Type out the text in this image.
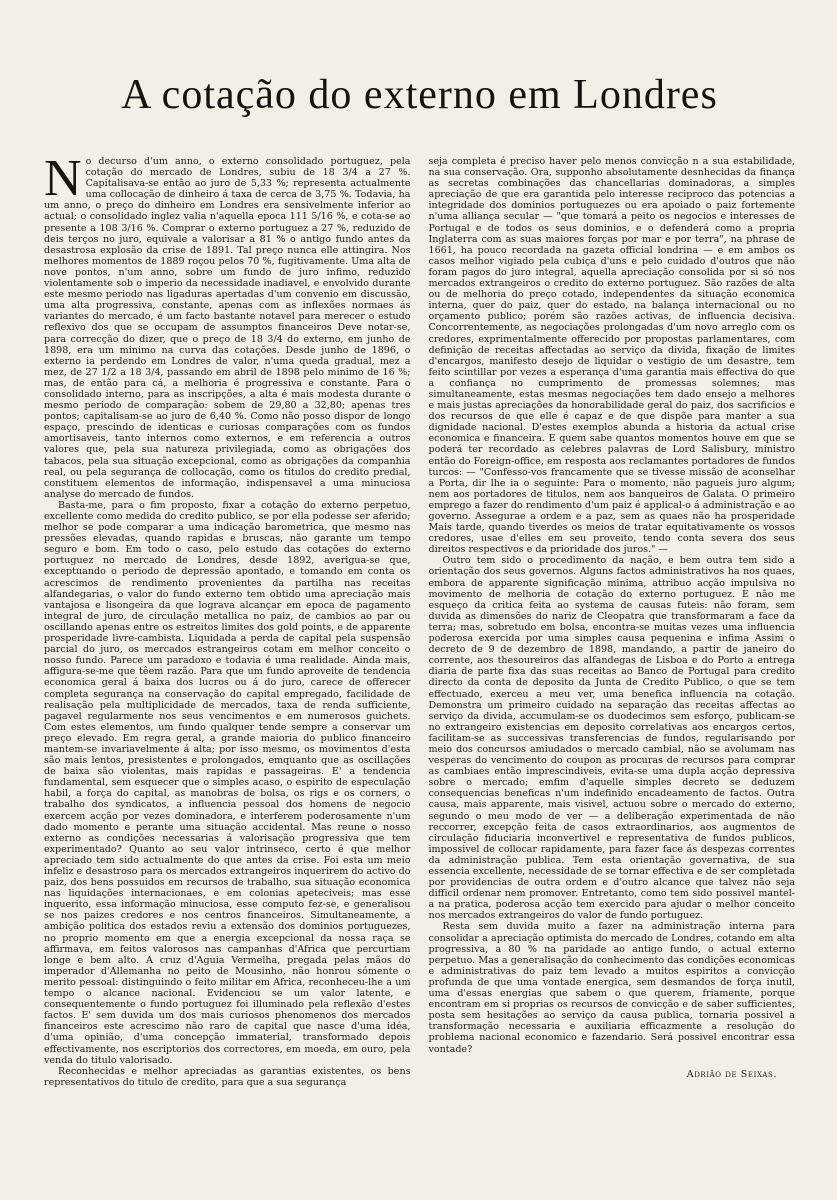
A cotação do externo em Londres

No decurso d'um anno, o externo consolidado portuguez, pela cotação do mercado de Londres, subiu de 18 3/4 a 27 %. Capitalisava-se então ao juro de 5,33 %; representa actualmente uma collocação de dinheiro á taxa de cerca de 3,75 %. Todavia, ha um anno, o preço do dinheiro em Londres era sensivelmente inferior ao actual; o consolidado inglez valia n'aquella epoca 111 5/16 %, e cota-se ao presente a 108 3/16 %. Comprar o externo portuguez a 27 %, reduzido de deis terços no juro, equivale a valorisar a 81 % o antigo fundo antes da desastrosa explosão da crise de 1891. Tal preço nunca elle attingira. Nos melhores momentos de 1889 roçou pelos 70 %, fugitivamente. Uma alta de nove pontos, n'um anno, sobre um fundo de juro infimo, reduzido violentamente sob o imperio da necessidade inadiavel, e envolvido durante este mesmo periodo nas ligaduras apertadas d'um convenio em discussão, uma alta progressiva, constante, apenas com as inflexões normaes ás variantes do mercado, é um facto bastante notavel para merecer o estudo reflexivo dos que se occupam de assumptos financeiros Deve notar-se, para correcção do dizer, que o preço de 18 3/4 do externo, em junho de 1898, era um minimo na curva das cotações. Desde junho de 1896, o externo ia perdendo em Londres de valor, n'uma queda gradual, mez a mez, de 27 1/2 a 18 3/4, passando em abril de 1898 pelo minimo de 16 %; mas, de então para cá, a melhoria é progressiva e constante. Para o consolidado interno, para as inscripções, a alta é mais modesta durante o mesmo periodo de comparação: sobem de 29,80 a 32,80; apenas tres pontos; capitalisam-se ao juro de 6,40 %. Como não posso dispor de longo espaço, prescindo de identicas e curiosas comparações com os fundos amortisaveis, tanto internos como externos, e em referencia a outros valores que, pela sua natureza privilegiada, como as obrigações dos tabacos, pela sua situação excepcional, como as obrigações da companhia real, ou pela segurança de collocação, como os titulos do credito predial, constituem elementos de informação, indispensavel a uma minuciosa analyse do mercado de fundos.

Basta-me, para o fim proposto, fixar a cotação do externo perpetuo, excellente como medida do credito publico, se por ella podesse ser aferido; melhor se pode comparar a uma indicação barometrica, que mesmo nas pressões elevadas, quando rapidas e bruscas, não garante um tempo seguro e bom. Em todo o caso, pelo estudo das cotações do externo portuguez no mercado de Londres, desde 1892, averigua-se que, exceptuando o periodo de depressão apontado, e tomando em conta os acrescimos de rendimento provenientes da partilha nas receitas alfandegarias, o valor do fundo externo tem obtido uma apreciação mais vantajosa e lisongeira da que lograva alcançar em epoca de pagamento integral de juro, de circulação metallica no paiz, de cambios ao par ou oscillando apenas entre os estreitos limites dos gold points, e de apparente prosperidade livre-cambista. Liquidada a perda de capital pela suspensão parcial do juro, os mercados estrangeiros cotam em melhor conceito o nosso fundo. Parece um paradoxo e todavia é uma realidade. Ainda mais, affigura-se-me que têem razão. Para que um fundo aproveite de tendencia economica geral á baixa dos lucros ou á do juro, carece de offerecer completa segurança na conservação do capital empregado, facilidade de realisação pela multiplicidade de mercados, taxa de renda sufficiente, pagavel regularmente nos seus vencimentos e em numerosos guichets. Com estes elementos, um fundo qualquer tende sempre a conservar um preço elevado. Em regra geral, a grande maioria do publico financeiro mantem-se invariavelmente á alta; por isso mesmo, os movimentos d'esta são mais lentos, presistentes e prolongados, emquanto que as oscillações de baixa são violentas, mais rapidas e passageiras. E' a tendencia fundamental, sem esquecer que o simples acaso, o espirito de especulação habil, a força do capital, as manobras de bolsa, os rigs e os corners, o trabalho dos syndicatos, a influencia pessoal dos homens de negocio exercem acção por vezes dominadora, e interferem poderosamente n'um dado momento e perante uma situação accidental. Mas reune o nosso externo as condições necessarias á valorisação progressiva que tem experimentado? Quanto ao seu valor intrinseco, certo é que melhor apreciado tem sido actualmente do que antes da crise. Foi esta um meio infeliz e desastroso para os mercados extrangeiros inquerirem do activo do paiz, dos bens possuidos em recursos de trabalho, sua situação economica nas liquidações internacionaes, e em colonias apeteciveis; mas esse inquerito, essa informação minuciosa, esse computo fez-se, e generalisou se nos paizes credores e nos centros financeiros. Simultaneamente, a ambição politica dos estados reviu a extensão dos dominios portuguezes, no proprio momento em que a energia excepcional da nossa raça se affirmava, em feitos valorosos nas campanhas d'Africa que percurtiam longe e bem alto. A cruz d'Aguia Vermelha, pregada pelas mãos do imperador d'Allemanha no peito de Mousinho, não honrou sómente o merito pessoal: distinguindo o feito militar em Africa, reconheceu-lhe a um tempo o alcance nacional. Evidenciou se um valor latente, e consequentemente o fundo portuguez foi illuminado pela reflexão d'estes factos. E' sem duvida um dos mais curiosos phenomenos dos mercados financeiros este acrescimo não raro de capital que nasce d'uma idéa, d'uma opinião, d'uma concepção immaterial, transformado depois effectivamente, nos escriptorios dos correctores, em moeda, em ouro, pela venda do titulo valorisado.

Reconhecidas e melhor apreciadas as garantias existentes, os bens representativos do titulo de credito, para que a sua segurança

seja completa é preciso haver pelo menos convicção n a sua estabilidade, na sua conservação. Ora, supponho absolutamente desnhecidas da finança as secretas combinações das chancellarias dominadoras, a simples apreciação de que era garantida pelo interesse reciproco das potencias a integridade dos dominios portuguezes ou era apoiado o paiz fortemente n'uma alliança secular — "que tomará a peito os negocios e interesses de Portugal e de todos os seus dominios, e o defenderá como a propria Inglaterra com as suas maiores forças por mar e por terra", na phrase de 1661, ha pouco recordada na gazeta official londrina — e em ambos os casos melhor vigiado pela cubiça d'uns e pelo cuidado d'outros que não foram pagos do juro integral, aquella apreciação consolida por si só nos mercados extrangeiros o credito do externo portuguez. São razões de alta ou de melhoria do preço cotado, independentes da situação economica interna, quer do paiz, quer do estado, na balança internacional ou no orçamento publico; porém são razões activas, de influencia decisiva. Concorrentemente, as negociações prolongadas d'um novo arreglo com os credores, exprimentalmente offerecido por propostas parlamentares, com definição de receitas affectadas ao serviço da divida, fixação de limites d'encargos, manifesto desejo de liquidar o vestigio de um desastre, tem feito scintillar por vezes a esperança d'uma garantia mais effectiva do que a confiança no cumprimento de promessas solemnes; mas simultaneamente, estas mesmas negociações tem dado ensejo a melhores e mais justas apreciações da honorabilidade geral do paiz, dos sacrificios e dos recursos de que elle é capaz e de que dispõe para manter a sua dignidade nacional. D'estes exemplos abunda a historia da actual crise economica e financeira. E quem sabe quantos momentos houve em que se poderá ter recordado as celebres palavras de Lord Salisbury, ministro então do Foreign-office, em resposta aos reclamantes portadores de fundos turcos: — "Confesso-vos francamente que se tivesse missão de aconselhar a Porta, dir lhe ia o seguinte: Para o momento, não pagueis juro algum; nem aos portadores de titulos, nem aos banqueiros de Galata. O primeiro emprego a fazer do rendimento d'um paiz é applical-o á administração e ao governo. Assegurae a ordem e a paz, sem as quaes não ha prosperidade Mais tarde, quando tiverdes os meios de tratar equitativamente os vossos credores, usae d'elles em seu proveito, tendo conta severa dos seus direitos respectivos e da prioridade dos juros." —

Outro tem sido o procedimento da nação, e bem outra tem sido a orientação dos seus governos. Alguns factos administrativos ha nos quaes, embora de apparente significação minima, attribuo acção impulsiva no movimento de melhoria de cotação do externo portuguez. E não me esqueço da critica feita ao systema de causas futeis: não foram, sem duvida as dimensões do nariz de Cleopatra que transformaram a face da terra; mas, sobretudo em bolsa, encontra-se muitas vezes uma influencia poderosa exercida por uma simples causa pequenina e infima Assim o decreto de 9 de dezembro de 1898, mandando, a partir de janeiro do corrente, aos thesoureiros das alfandegas de Lisboa e do Porto a entrega diaria de parte fixa das suas receitas ao Banco de Portugal para credito directo da conta de deposito da Junta de Credito Publico, o que se tem effectuado, exerceu a meu ver, uma benefica influencia na cotação. Demonstra um primeiro cuidado na separação das receitas affectas ao serviço da divida, accumulam-se os duodecimos sem esforço, publicam-se no extrangeiro existencias em deposito correlativas aos encargos certos, facilitam-se as successivas transferencias de fundos, regularisando por meio dos concursos amiudados o mercado cambial, não se avolumam nas vesperas do vencimento do coupon as procuras de recursos para comprar as cambiaes então imprescindiveis, evita-se uma dupla acção depressiva sobre o mercado; emfim d'aquelle simples decreto se deduzem consequencias beneficas n'um indefinido encadeamento de factos. Outra causa, mais apparente, mais visivel, actuou sobre o mercado do externo, segundo o meu modo de ver — a deliberação experimentada de não reccorrer, excepção feita de casos extraordinarios, aos augmentos de circulação fiduciaria inconvertivel e representativa de fundos publicos, impossivel de collocar rapidamente, para fazer face ás despezas correntes da administração publica. Tem esta orientação governativa, de sua essencia excellente, necessidade de se tornar effectiva e de ser completada por providencias de outra ordem e d'outro alcance que talvez não seja difficil ordenar nem promover. Entretanto, como tem sido possivel mantel-a na pratica, poderosa acção tem exercido para ajudar o melhor conceito nos mercados extrangeiros do valor de fundo portuguez.

Resta sem duvida muito a fazer na administração interna para consolidar a apreciação optimista do mercado de Londres, cotando em alta progressiva, a 80 % na paridade ao antigo fundo, o actual externo perpetuo. Mas a generalisação do conhecimento das condições economicas e administrativas do paiz tem levado a muitos espiritos a convicção profunda de que uma vontade energica, sem desmandos de força inutil, uma d'essas energias que sabem o que querem, friamente, porque encontram em si proprias os recursos de convicção e de saber sufficientes, posta sem hesitações ao serviço da causa publica, tornaria possivel a transformação necessaria e auxiliaria efficazmente a resolução do problema nacional economico e fazendario. Será possivel encontrar essa vontade?

Adrião de Seixas.
